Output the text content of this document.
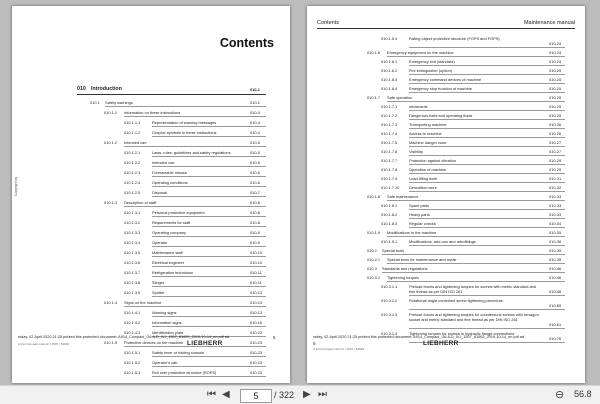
Contents
Copyright by
010 Introduction	010-1
010.1 Safety warnings	010-1
010.1.1 Information on these instructions	010-4
010.1.1.1	Representation of warning messages	010-4
010.1.1.2	Graphic symbols in these instructions	010-4
010.1.2 Intended use	010-5
010.1.2.1	Laws, rules, guidelines and safety regulations	010-5
010.1.2.2	Intended use	010-5
010.1.2.3	Foreseeable misuse	010-6
010.1.2.4	Operating conditions	010-6
010.1.2.5	Disposal	010-7
010.1.3 Description of staff	010-8
010.1.3.1	Personal protective equipment	010-8
010.1.3.2	Requirements for staff	010-8
010.1.3.3	Operating company	010-9
010.1.3.4	Operator	010-9
010.1.3.5	Maintenance staff	010-10
010.1.3.6	Electrical engineer	010-10
010.1.3.7	Refrigeration technician	010-11
010.1.3.8	Slinger	010-11
010.1.3.9	Spotter	010-13
010.1.4 Signs on the machine	010-13
010.1.4.1	Warning signs	010-13
010.1.4.2	Information signs	010-16
010.1.4.3	Identification plate	010-22
010.1.5 Protective devices on the machine	010-23
010.1.5.1	Safety lever or folding console	010-23
010.1.5.2	Operator's cab	010-23
010.1.5.3	Roll over protective structure (ROPS)	010-23
rsday, 02.April 2020 21:25 printed this protected document: A914_Compact_G6.8-D_IV-l_1507_81693_2019-10-14_en.pdf ad	5
A 914 Compact Litronic / 1507 / 81693	LIEBHERR
Contents	Maintenance manual
010.1.5.4	Falling object protective structure (FOPS and FOPS)
010-24
010.1.6 Emergency equipment on the machine	010-24
010.1.6.1	Emergency exit (standard)	010-24
010.1.6.2	Fire extinguisher (option)	010-25
010.1.6.3	Emergency command devices of machine	010-25
010.1.6.4	Emergency stop function of machine	010-25
010.1.7 Safe operation	010-25
010.1.7.1	Intoxicants	010-25
010.1.7.2	Dangerous fuels and operating fluids	010-25
010.1.7.3	Transporting machine	010-26
010.1.7.4	Access to machine	010-26
010.1.7.5	Machine danger zone	010-27
010.1.7.6	Visibility	010-27
010.1.7.7	Protection against vibration	010-29
010.1.7.8	Operation of machine	010-29
010.1.7.9	Load-lifting work	010-31
010.1.7.10 Demolition work	010-32
010.1.8 Safe maintenance	010-33
010.1.8.1	Spare parts	010-33
010.1.8.2	Heavy parts	010-33
010.1.8.3	Regular checks	010-34
010.1.9 Modifications to the machine	010-35
010.1.9.1	Modifications, add-ons and retrofittings	010-36
010.2 Special tools	010-39
010.2.1 Special tools for maintenance and repair	010-39
010.3 Standards and regulations	010-46
010.3.1 Tightening torques	010-46
010.3.1.1	Preload forces and tightening torques for screws with metric standard and fine thread as per DIN ISO 261	010-46
010.3.1.2	Rotational angle-controlled screw tightening procedure
010-55
010.3.1.3	Preload forces and tightening torques for countersunk screws with hexagon socket and metric standard and fine thread as per DIN ISO 261
010-61
010.3.1.4	Tightening torques for screws in hydraulic flange connections
010-76
rsday, 02.April 2020 21:25 printed this protected document: A914_Compact_G6.8-D_IV-l_1507_81693_2019-10-14_en.pdf ad
6
A 914 Compact Litronic / 1507 / 81693
LIEBHERR
⏮ ◀	5	/ 322 ▶ ⏭	⊖ 56.8
